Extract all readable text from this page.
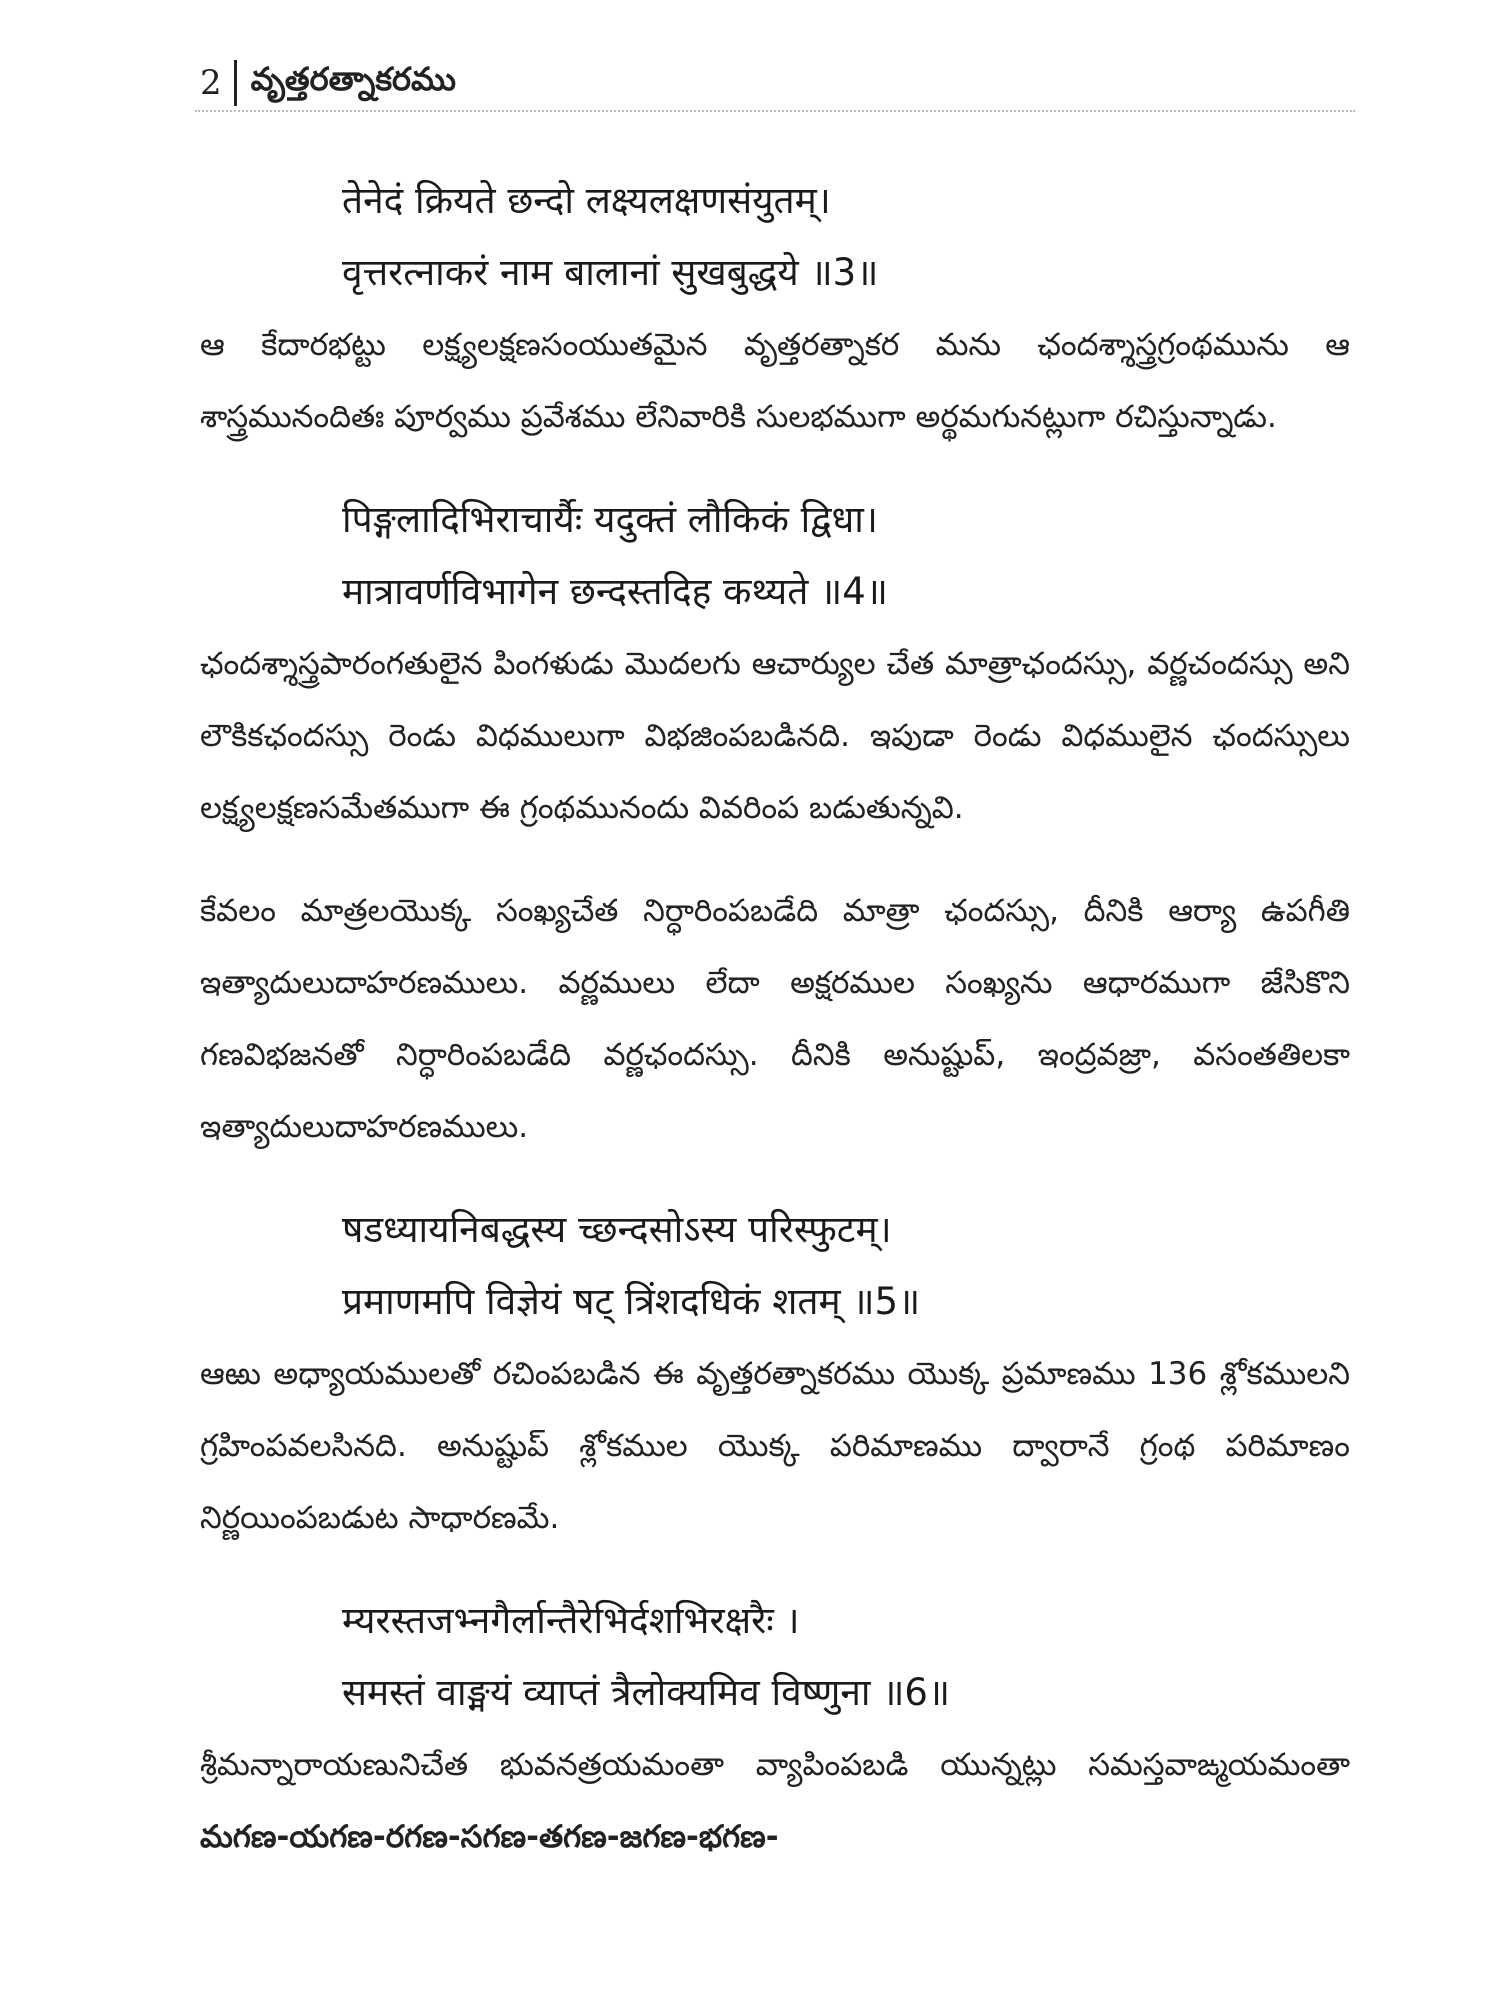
2 వృత్తరత్నాకరము
तेनेदं क्रियते छन्दो लक्ष्यलक्षणसंयुतम्।
वृत्तरत्नाकरं नाम बालानां सुखबुद्धये ॥3॥

ఆ కేదారభట్టు లక్ష్యలక్షణసంయుతమైన వృత్తరత్నాకర మను ఛందశ్శాస్త్రగ్రంథమును ఆ శాస్త్రమునందితః పూర్వము ప్రవేశము లేనివారికి సులభముగా అర్థమగునట్లుగా రచిస్తున్నాడు.

पिङ्गलादिभिराचार्यैः यदुक्तं लौकिकं द्विधा।
मात्रावर्णविभागेन छन्दस्तदिह कथ्यते ॥4॥

ఛందశ్శాస్త్రపారంగతులైన పింగళుడు మొదలగు ఆచార్యుల చేత మాత్రాఛందస్సు, వర్ణచందస్సు అని లౌకికఛందస్సు రెండు విధములుగా విభజింపబడినది. ఇపుడా రెండు విధములైన ఛందస్సులు లక్ష్యలక్షణసమేతముగా ఈ గ్రంథమునందు వివరింప బడుతున్నవి.

కేవలం మాత్రలయొక్క సంఖ్యచేత నిర్ధారింపబడేది మాత్రా ఛందస్సు, దీనికి ఆర్యా ఉపగీతి ఇత్యాదులుదాహరణములు. వర్ణములు లేదా అక్షరముల సంఖ్యను ఆధారముగా జేసికొని గణవిభజనతో నిర్ధారింపబడేది వర్ణఛందస్సు. దీనికి అనుష్టుప్, ఇంద్రవజ్రా, వసంతతిలకా ఇత్యాదులుదాహరణములు.

षडध्यायनिबद्धस्य च्छन्दसोऽस्य परिस्फुटम्।
प्रमाणमपि विज्ञेयं षट् त्रिंशदधिकं शतम् ॥5॥

ఆఱు అధ్యాయములతో రచింపబడిన ఈ వృత్తరత్నాకరము యొక్క ప్రమాణము 136 శ్లోకములని గ్రహింపవలసినది. అనుష్టుప్ శ్లోకముల యొక్క పరిమాణము ద్వారానే గ్రంథ పరిమాణం నిర్ణయింపబడుట సాధారణమే.

म्यरस्तजभ्नगैर्लान्तैरेभिर्दशभिरक्षरैः ।
समस्तं वाङ्मयं व्याप्तं त्रैलोक्यमिव विष्णुना ॥6॥

శ్రీమన్నారాయణునిచేత భువనత్రయమంతా వ్యాపింపబడి యున్నట్లు సమస్తవాఙ్మయమంతా మగణ-యగణ-రగణ-సగణ-తగణ-జగణ-భగణ-
